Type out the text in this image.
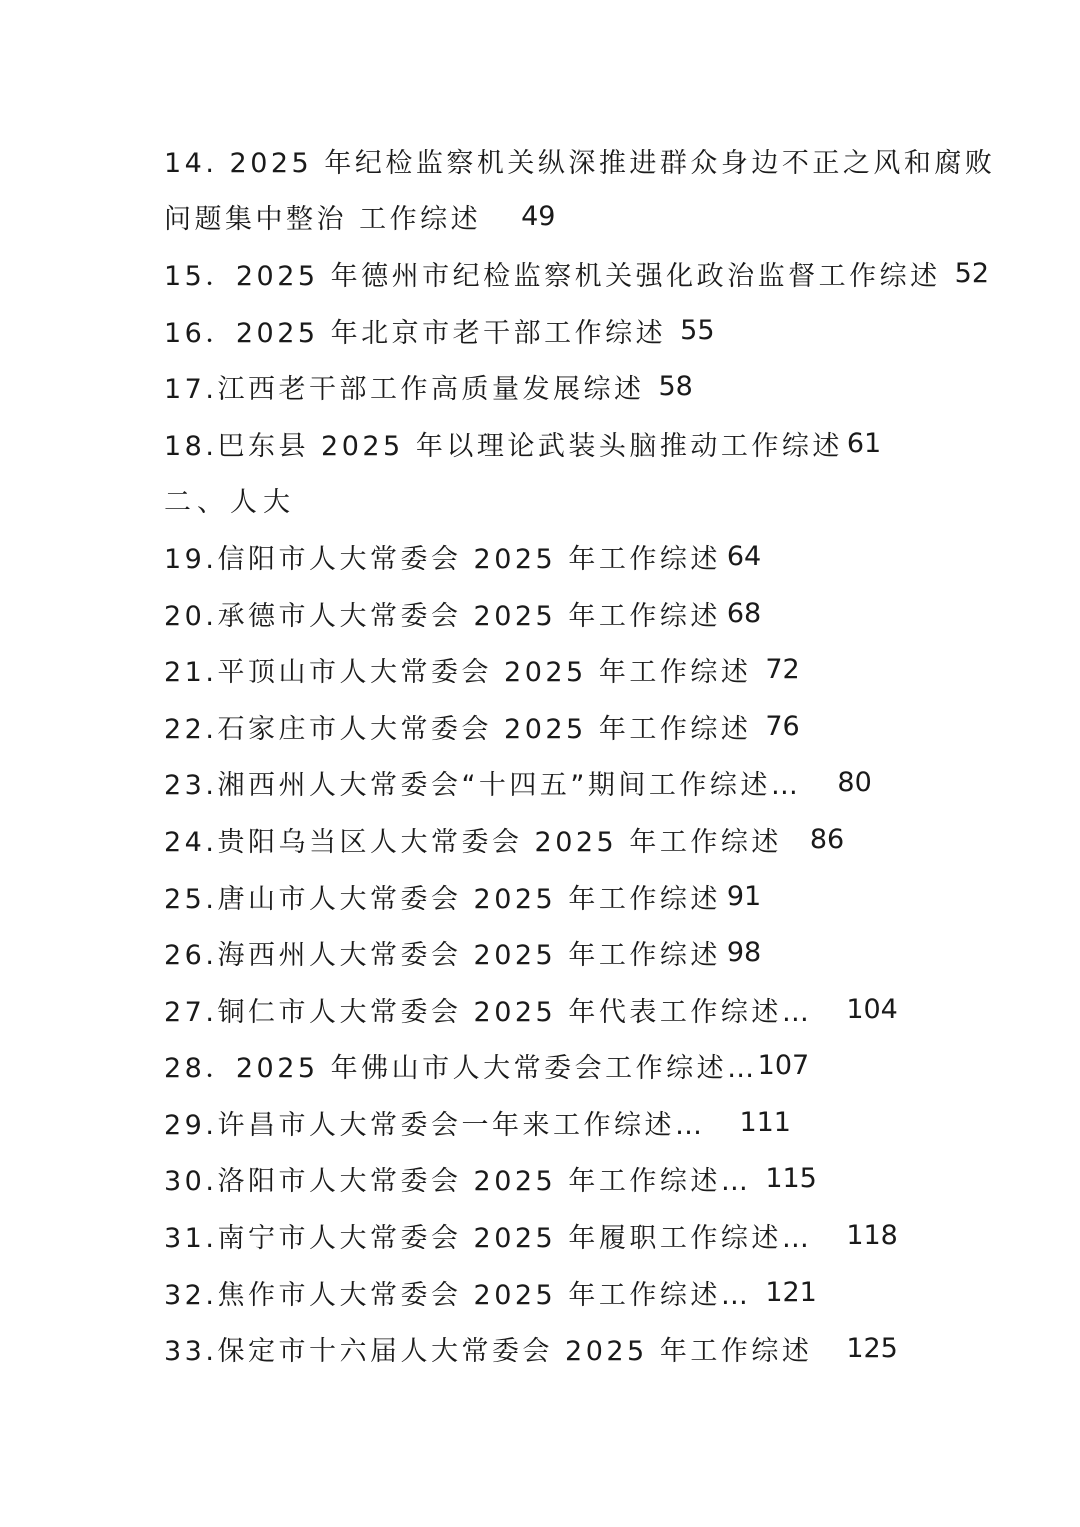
14. 2025 年纪检监察机关纵深推进群众身边不正之风和腐败
问题集中整治 工作综述 49
15．2025 年德州市纪检监察机关强化政治监督工作综述 52
16．2025 年北京市老干部工作综述 55
17.江西老干部工作高质量发展综述 58
18.巴东县 2025 年以理论武装头脑推动工作综述 61
二、人大
19.信阳市人大常委会 2025 年工作综述 64
20.承德市人大常委会 2025 年工作综述 68
21.平顶山市人大常委会 2025 年工作综述 72
22.石家庄市人大常委会 2025 年工作综述 76
23.湘西州人大常委会“十四五”期间工作综述… 80
24.贵阳乌当区人大常委会 2025 年工作综述 86
25.唐山市人大常委会 2025 年工作综述 91
26.海西州人大常委会 2025 年工作综述 98
27.铜仁市人大常委会 2025 年代表工作综述… 104
28．2025 年佛山市人大常委会工作综述… 107
29.许昌市人大常委会一年来工作综述… 111
30.洛阳市人大常委会 2025 年工作综述… 115
31.南宁市人大常委会 2025 年履职工作综述… 118
32.焦作市人大常委会 2025 年工作综述… 121
33.保定市十六届人大常委会 2025 年工作综述 125
